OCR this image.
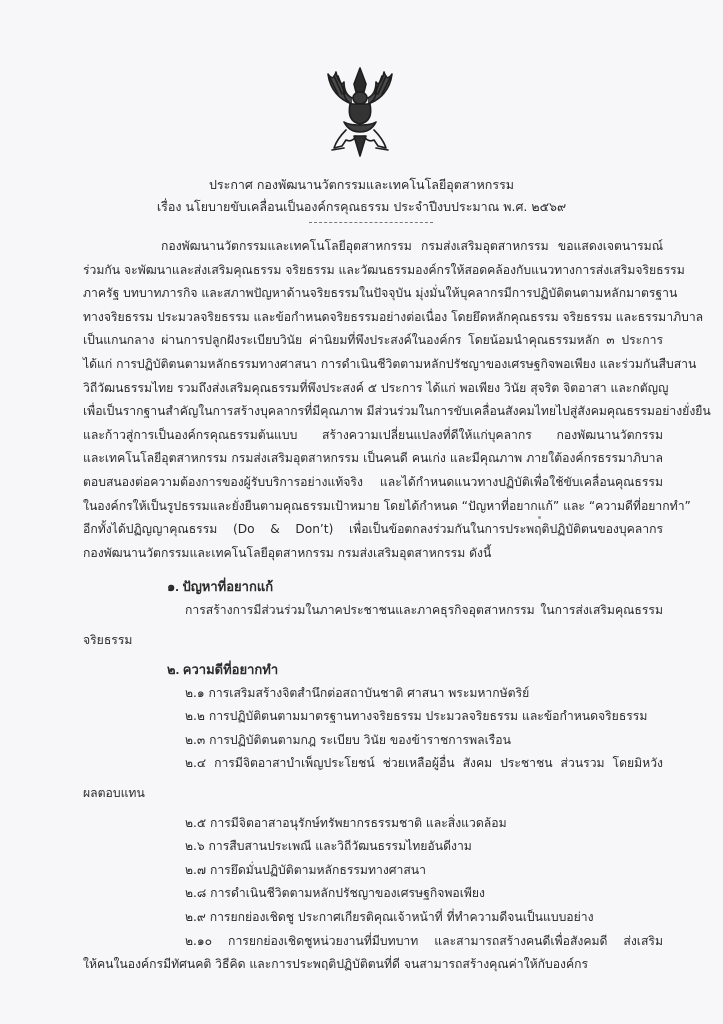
ประกาศ กองพัฒนานวัตกรรมและเทคโนโลยีอุตสาหกรรม
เรื่อง นโยบายขับเคลื่อนเป็นองค์กรคุณธรรม ประจำปีงบประมาณ พ.ศ. ๒๕๖๙
กองพัฒนานวัตกรรมและเทคโนโลยีอุตสาหกรรม กรมส่งเสริมอุตสาหกรรม ขอแสดงเจตนารมณ์
ร่วมกัน จะพัฒนาและส่งเสริมคุณธรรม จริยธรรม และวัฒนธรรมองค์กรให้สอดคล้องกับแนวทางการส่งเสริมจริยธรรม
ภาครัฐ บทบาทภารกิจ และสภาพปัญหาด้านจริยธรรมในปัจจุบัน มุ่งมั่นให้บุคลากรมีการปฏิบัติตนตามหลักมาตรฐาน
ทางจริยธรรม ประมวลจริยธรรม และข้อกำหนดจริยธรรมอย่างต่อเนื่อง โดยยึดหลักคุณธรรม จริยธรรม และธรรมาภิบาล
เป็นแกนกลาง ผ่านการปลูกฝังระเบียบวินัย ค่านิยมที่พึงประสงค์ในองค์กร โดยน้อมนำคุณธรรมหลัก ๓ ประการ
ได้แก่ การปฏิบัติตนตามหลักธรรมทางศาสนา การดำเนินชีวิตตามหลักปรัชญาของเศรษฐกิจพอเพียง และร่วมกันสืบสาน
วิถีวัฒนธรรมไทย รวมถึงส่งเสริมคุณธรรมที่พึงประสงค์ ๕ ประการ ได้แก่ พอเพียง วินัย สุจริต จิตอาสา และกตัญญู
เพื่อเป็นรากฐานสำคัญในการสร้างบุคลากรที่มีคุณภาพ มีส่วนร่วมในการขับเคลื่อนสังคมไทยไปสู่สังคมคุณธรรมอย่างยั่งยืน
และก้าวสู่การเป็นองค์กรคุณธรรมต้นแบบ สร้างความเปลี่ยนแปลงที่ดีให้แก่บุคลากร กองพัฒนานวัตกรรม
และเทคโนโลยีอุตสาหกรรม กรมส่งเสริมอุตสาหกรรม เป็นคนดี คนเก่ง และมีคุณภาพ ภายใต้องค์กรธรรมาภิบาล
ตอบสนองต่อความต้องการของผู้รับบริการอย่างแท้จริง และได้กำหนดแนวทางปฏิบัติเพื่อใช้ขับเคลื่อนคุณธรรม
ในองค์กรให้เป็นรูปธรรมและยั่งยืนตามคุณธรรมเป้าหมาย โดยได้กำหนด “ปัญหาที่อยากแก้” และ “ความดีที่อยากทำ”
อีกทั้งได้ปฏิญญาคุณธรรม (Do & Don’t) เพื่อเป็นข้อตกลงร่วมกันในการประพฤติปฏิบัติตนของบุคลากร
กองพัฒนานวัตกรรมและเทคโนโลยีอุตสาหกรรม กรมส่งเสริมอุตสาหกรรม ดังนี้
๑. ปัญหาที่อยากแก้
การสร้างการมีส่วนร่วมในภาคประชาชนและภาคธุรกิจอุตสาหกรรม ในการส่งเสริมคุณธรรม
จริยธรรม
๒. ความดีที่อยากทำ
๒.๑ การเสริมสร้างจิตสำนึกต่อสถาบันชาติ ศาสนา พระมหากษัตริย์
๒.๒ การปฏิบัติตนตามมาตรฐานทางจริยธรรม ประมวลจริยธรรม และข้อกำหนดจริยธรรม
๒.๓ การปฏิบัติตนตามกฎ ระเบียบ วินัย ของข้าราชการพลเรือน
๒.๔ การมีจิตอาสาบำเพ็ญประโยชน์ ช่วยเหลือผู้อื่น สังคม ประชาชน ส่วนรวม โดยมิหวัง
ผลตอบแทน
๒.๕ การมีจิตอาสาอนุรักษ์ทรัพยากรธรรมชาติ และสิ่งแวดล้อม
๒.๖ การสืบสานประเพณี และวิถีวัฒนธรรมไทยอันดีงาม
๒.๗ การยึดมั่นปฏิบัติตามหลักธรรมทางศาสนา
๒.๘ การดำเนินชีวิตตามหลักปรัชญาของเศรษฐกิจพอเพียง
๒.๙ การยกย่องเชิดชู ประกาศเกียรติคุณเจ้าหน้าที่ ที่ทำความดีจนเป็นแบบอย่าง
๒.๑๐ การยกย่องเชิดชูหน่วยงานที่มีบทบาท และสามารถสร้างคนดีเพื่อสังคมดี ส่งเสริม
ให้คนในองค์กรมีทัศนคติ วิธีคิด และการประพฤติปฏิบัติตนที่ดี จนสามารถสร้างคุณค่าให้กับองค์กร
